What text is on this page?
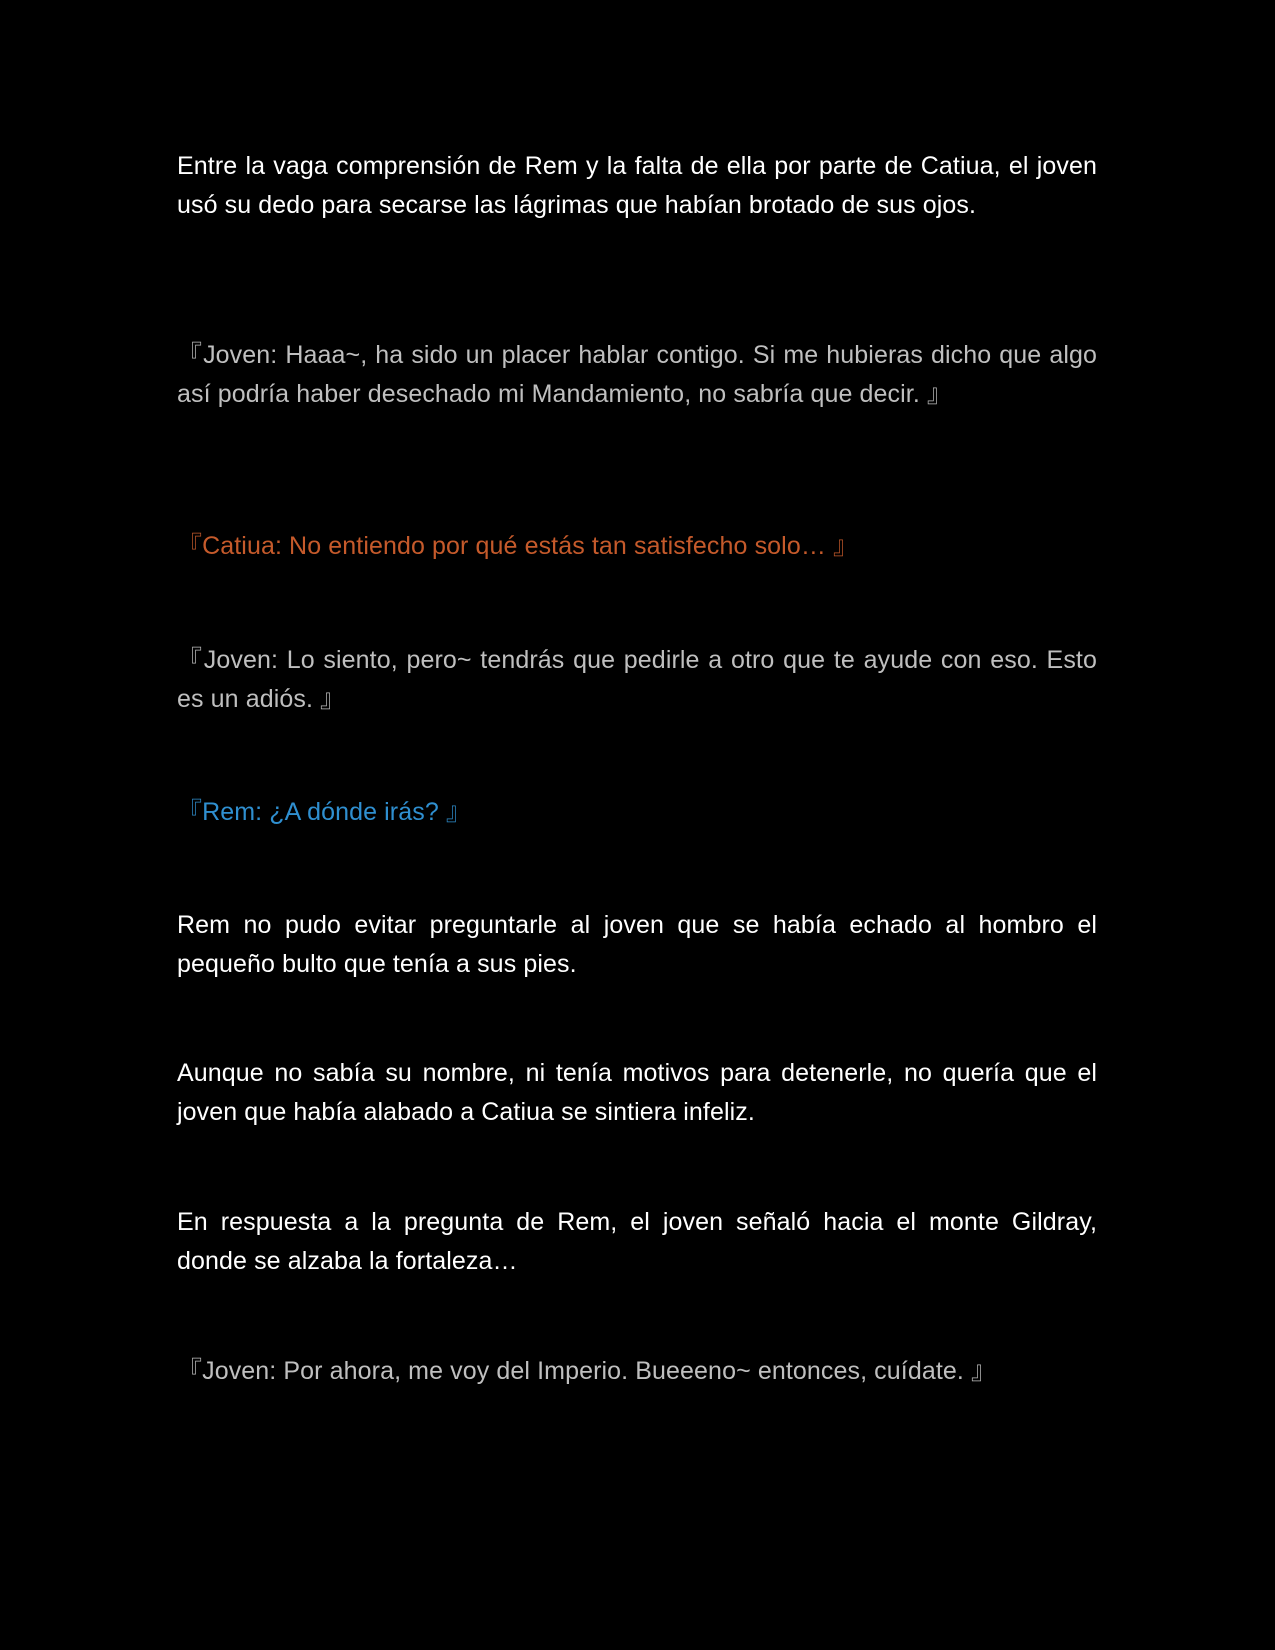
Entre la vaga comprensión de Rem y la falta de ella por parte de Catiua, el joven usó su dedo para secarse las lágrimas que habían brotado de sus ojos.

『Joven: Haaa~, ha sido un placer hablar contigo. Si me hubieras dicho que algo así podría haber desechado mi Mandamiento, no sabría que decir. 』

『Catiua: No entiendo por qué estás tan satisfecho solo… 』

『Joven: Lo siento, pero~ tendrás que pedirle a otro que te ayude con eso. Esto es un adiós. 』

『Rem: ¿A dónde irás? 』

Rem no pudo evitar preguntarle al joven que se había echado al hombro el pequeño bulto que tenía a sus pies.

Aunque no sabía su nombre, ni tenía motivos para detenerle, no quería que el joven que había alabado a Catiua se sintiera infeliz.

En respuesta a la pregunta de Rem, el joven señaló hacia el monte Gildray, donde se alzaba la fortaleza…

『Joven: Por ahora, me voy del Imperio. Bueeeno~ entonces, cuídate. 』
